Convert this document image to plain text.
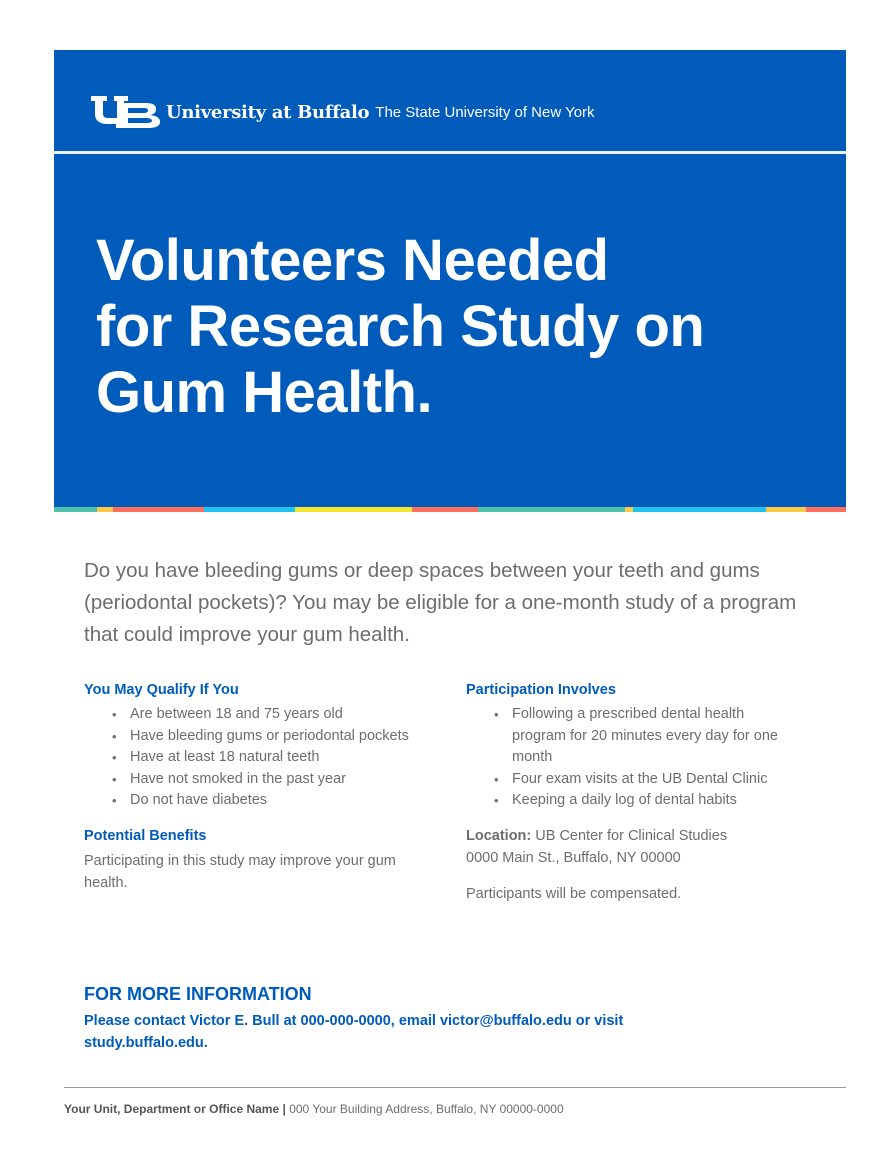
University at Buffalo The State University of New York
Volunteers Needed
for Research Study on
Gum Health.

Do you have bleeding gums or deep spaces between your teeth and gums (periodontal pockets)? You may be eligible for a one-month study of a program that could improve your gum health.

You May Qualify If You
• Are between 18 and 75 years old
• Have bleeding gums or periodontal pockets
• Have at least 18 natural teeth
• Have not smoked in the past year
• Do not have diabetes
Potential Benefits

Participating in this study may improve your gum health.

Participation Involves
• Following a prescribed dental health program for 20 minutes every day for one month
• Four exam visits at the UB Dental Clinic
• Keeping a daily log of dental habits

Location: UB Center for Clinical Studies
0000 Main St., Buffalo, NY 00000

Participants will be compensated.

FOR MORE INFORMATION

Please contact Victor E. Bull at 000-000-0000, email victor@buffalo.edu or visit study.buffalo.edu.

Your Unit, Department or Office Name | 000 Your Building Address, Buffalo, NY 00000-0000
